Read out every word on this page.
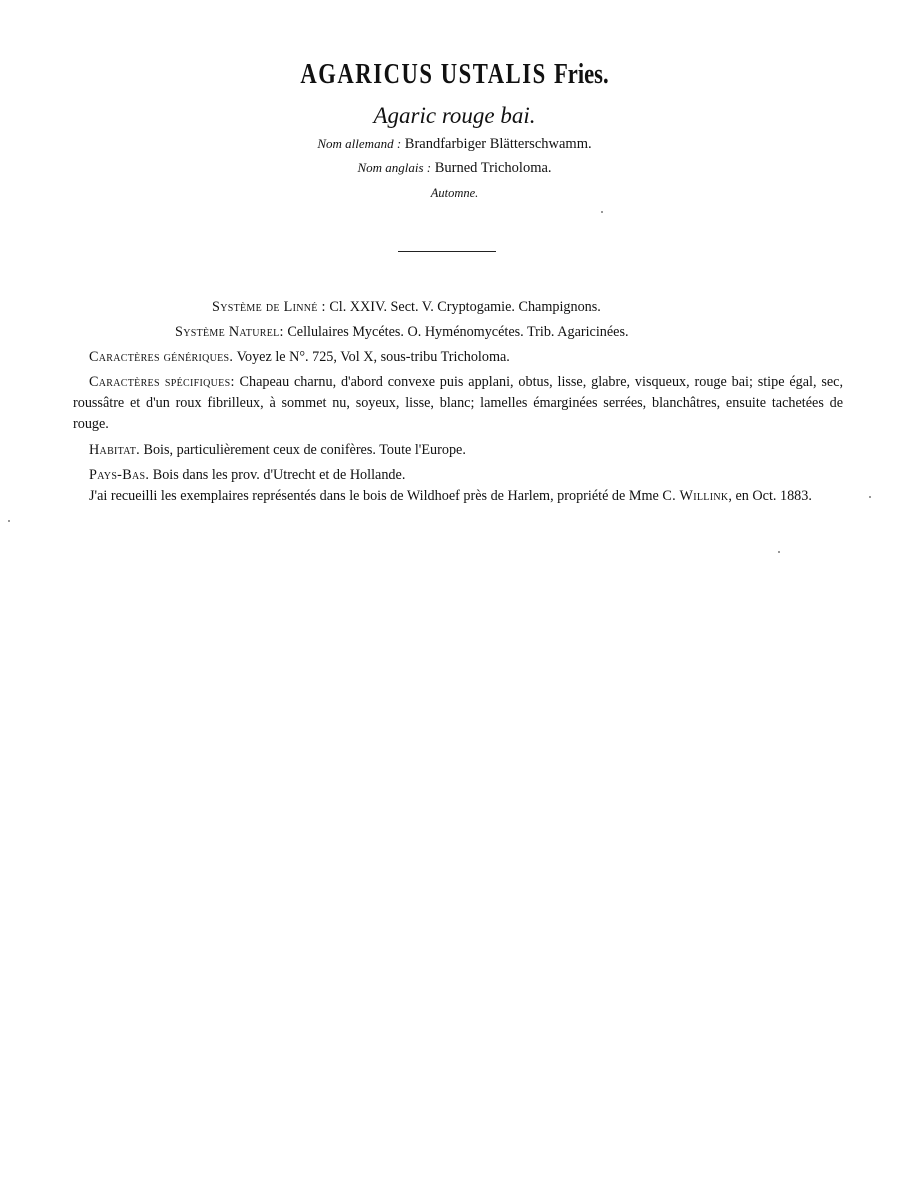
AGARICUS USTALIS Fries.
Agaric rouge bai.
Nom allemand : Brandfarbiger Blätterschwamm.
Nom anglais : Burned Tricholoma.
Automne.
Système de Linné : Cl. XXIV. Sect. V. Cryptogamie. Champignons.
Système Naturel: Cellulaires Mycétes. O. Hyménomycétes. Trib. Agaricinées.
Caractères génériques. Voyez le N°. 725, Vol X, sous-tribu Tricholoma.
Caractères spécifiques: Chapeau charnu, d'abord convexe puis applani, obtus, lisse, glabre, visqueux, rouge bai; stipe égal, sec, roussâtre et d'un roux fibrilleux, à sommet nu, soyeux, lisse, blanc; lamelles émarginées serrées, blanchâtres, ensuite tachetées de rouge.
Habitat. Bois, particulièrement ceux de conifères. Toute l'Europe.
Pays-Bas. Bois dans les prov. d'Utrecht et de Hollande.
J'ai recueilli les exemplaires représentés dans le bois de Wildhoef près de Harlem, propriété de Mme C. Willink, en Oct. 1883.
